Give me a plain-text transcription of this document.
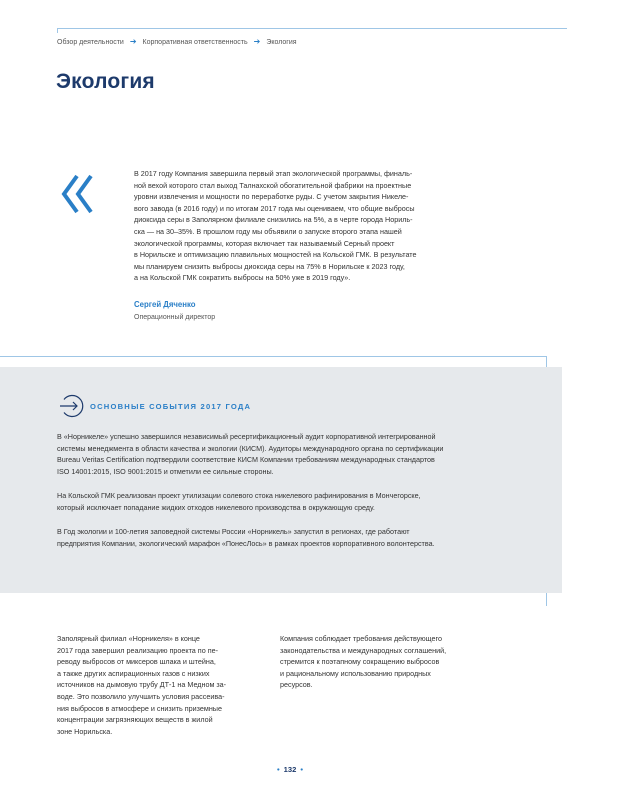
Обзор деятельности ➔ Корпоративная ответственность ➔ Экология
Экология

В 2017 году Компания завершила первый этап экологической программы, финаль-
ной вехой которого стал выход Талнахской обогатительной фабрики на проектные
уровни извлечения и мощности по переработке руды. С учетом закрытия Никеле-
вого завода (в 2016 году) и по итогам 2017 года мы оцениваем, что общие выбросы
диоксида серы в Заполярном филиале снизились на 5%, а в черте города Нориль-
ска — на 30–35%. В прошлом году мы объявили о запуске второго этапа нашей
экологической программы, которая включает так называемый Серный проект
в Норильске и оптимизацию плавильных мощностей на Кольской ГМК. В результате
мы планируем снизить выбросы диоксида серы на 75% в Норильске к 2023 году,
а на Кольской ГМК сократить выбросы на 50% уже в 2019 году».

Сергей Дяченко
Операционный директор
ОСНОВНЫЕ СОБЫТИЯ 2017 ГОДА

В «Норникеле» успешно завершился независимый ресертификационный аудит корпоративной интегрированной
системы менеджмента в области качества и экологии (КИСМ). Аудиторы международного органа по сертификации
Bureau Veritas Certification подтвердили соответствие КИСМ Компании требованиям международных стандартов
ISO 14001:2015, ISO 9001:2015 и отметили ее сильные стороны.

На Кольской ГМК реализован проект утилизации солевого стока никелевого рафинирования в Мончегорске,
который исключает попадание жидких отходов никелевого производства в окружающую среду.

В Год экологии и 100-летия заповедной системы России «Норникель» запустил в регионах, где работают
предприятия Компании, экологический марафон «ПонесЛось» в рамках проектов корпоративного волонтерства.

Заполярный филиал «Норникеля» в конце
2017 года завершил реализацию проекта по пе-
реводу выбросов от миксеров шлака и штейна,
а также других аспирационных газов с низких
источников на дымовую трубу ДТ-1 на Медном за-
воде. Это позволило улучшить условия рассеива-
ния выбросов в атмосфере и снизить приземные
концентрации загрязняющих веществ в жилой
зоне Норильска.

Компания соблюдает требования действующего
законодательства и международных соглашений,
стремится к поэтапному сокращению выбросов
и рациональному использованию природных
ресурсов.

• 132 •
